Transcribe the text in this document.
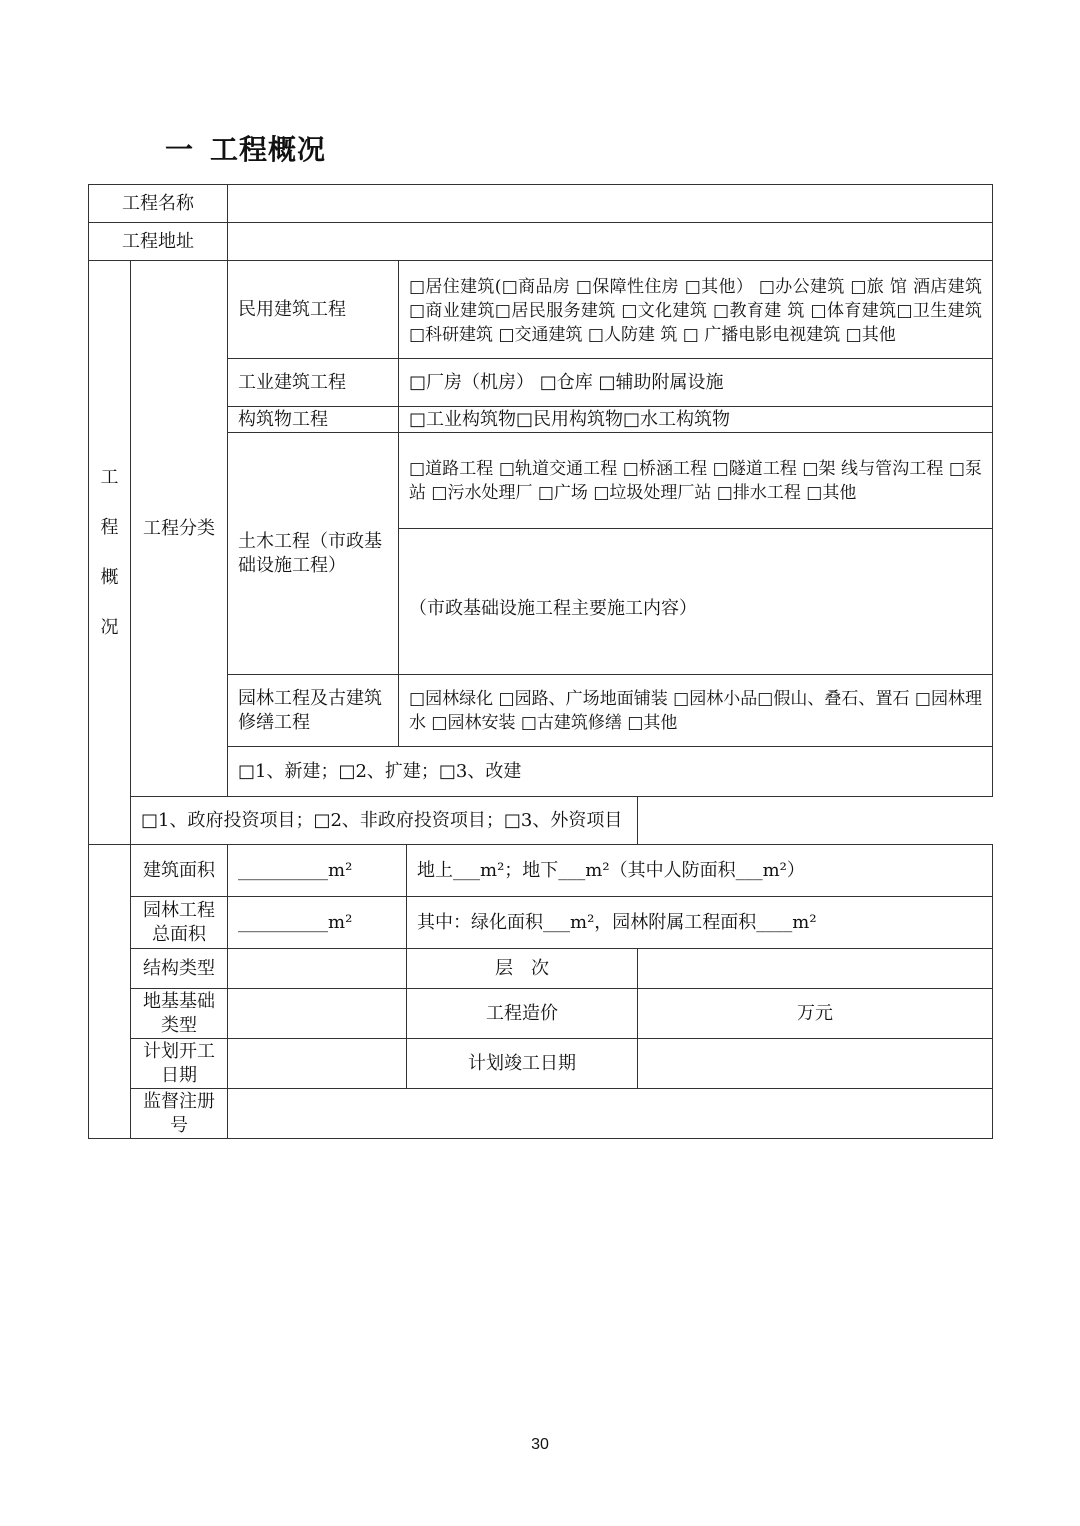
一 工程概况
工程名称					
工程地址					

工
程
概
况	工程分类	民用建筑工程	□居住建筑(□商品房 □保障性住房 □其他） □办公建筑 □旅 馆 酒店建筑 □商业建筑□居民服务建筑 □文化建筑 □教育建 筑 □体育建筑□卫生建筑 □科研建筑 □交通建筑 □人防建 筑 □ 广播电影电视建筑 □其他		
		工业建筑工程	□厂房（机房） □仓库 □辅助附属设施		
		构筑物工程	□工业构筑物□民用构筑物□水工构筑物		
		土木工程（市政基础设施工程）	□道路工程 □轨道交通工程 □桥涵工程 □隧道工程 □架 线与管沟工程 □泵站 □污水处理厂 □广场 □垃圾处理厂站 □排水工程 □其他		
			（市政基础设施工程主要施工内容）		
		园林工程及古建筑修缮工程	□园林绿化 □园路、广场地面铺装 □园林小品□假山、叠石、置石 □园林理水 □园林安装 □古建筑修缮 □其他		
		□1、新建；□2、扩建；□3、改建			
	□1、政府投资项目；□2、非政府投资项目；□3、外资项目				
	建筑面积	__________m²		地上___m²；地下___m²（其中人防面积___m²）	
	园林工程总面积	__________m²		其中：绿化面积___m²，园林附属工程面积____m²	
	结构类型			层　次	
	地基基础类型			工程造价	万元
	计划开工日期			计划竣工日期	
	监督注册号				
30
